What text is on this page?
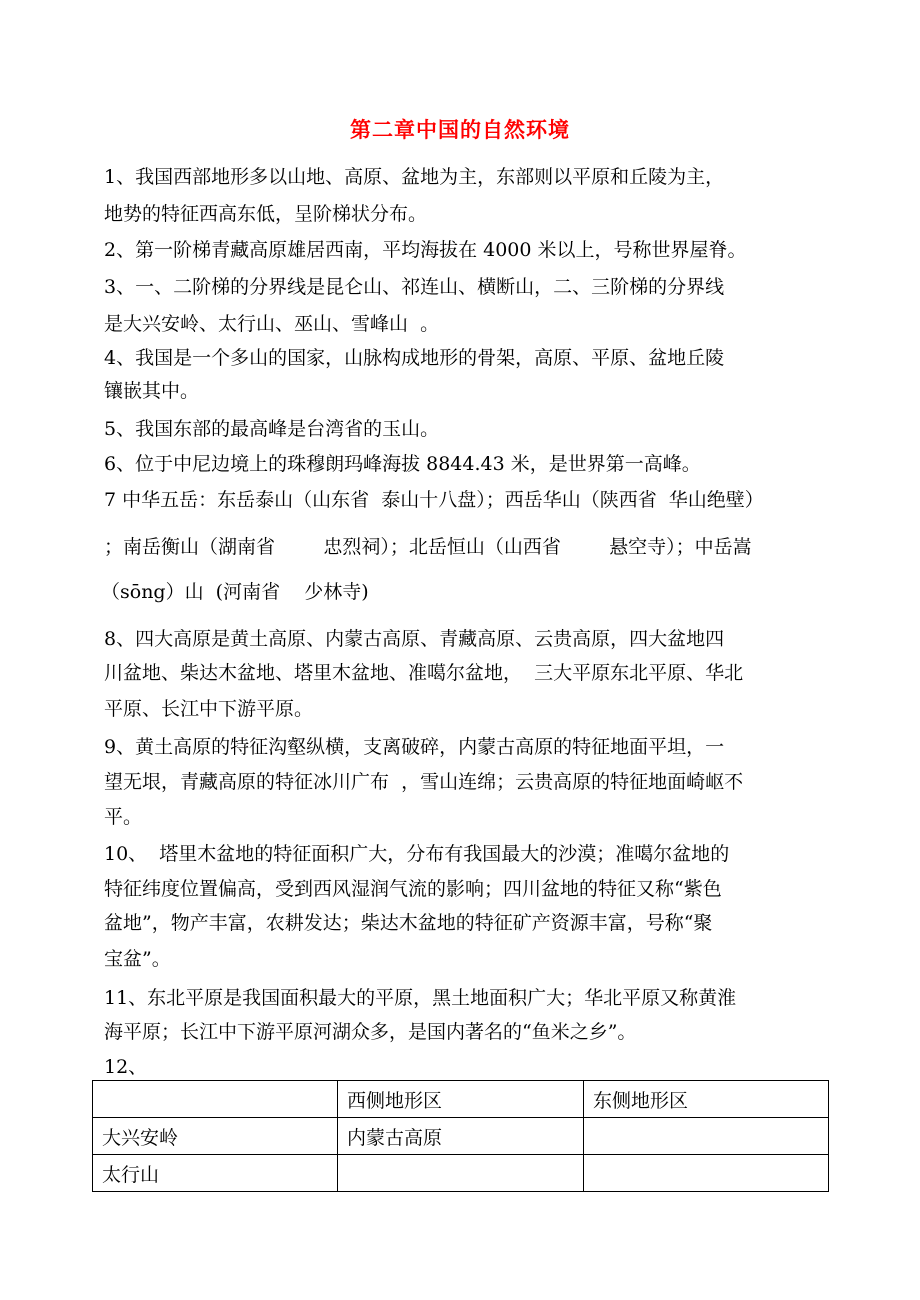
第二章中国的自然环境
1、我国西部地形多以山地、高原、盆地为主，东部则以平原和丘陵为主，
地势的特征西高东低，呈阶梯状分布。
2、第一阶梯青藏高原雄居西南，平均海拔在 4000 米以上，号称世界屋脊。
3、一、二阶梯的分界线是昆仑山、祁连山、横断山，二、三阶梯的分界线
是大兴安岭、太行山、巫山、雪峰山  。
4、我国是一个多山的国家，山脉构成地形的骨架，高原、平原、盆地丘陵
镶嵌其中。
5、我国东部的最高峰是台湾省的玉山。
6、位于中尼边境上的珠穆朗玛峰海拔 8844.43 米，是世界第一高峰。
7 中华五岳：东岳泰山（山东省  泰山十八盘）；西岳华山（陕西省  华山绝壁）
；南岳衡山（湖南省        忠烈祠）；北岳恒山（山西省        悬空寺）；中岳嵩
（sōng）山  (河南省    少林寺)
8、四大高原是黄土高原、内蒙古高原、青藏高原、云贵高原，四大盆地四
川盆地、柴达木盆地、塔里木盆地、准噶尔盆地，  三大平原东北平原、华北
平原、长江中下游平原。
9、黄土高原的特征沟壑纵横，支离破碎，内蒙古高原的特征地面平坦，一
望无垠，青藏高原的特征冰川广布  ，雪山连绵；云贵高原的特征地面崎岖不
平。
10、  塔里木盆地的特征面积广大，分布有我国最大的沙漠；准噶尔盆地的
特征纬度位置偏高，受到西风湿润气流的影响；四川盆地的特征又称“紫色
盆地”，物产丰富，农耕发达；柴达木盆地的特征矿产资源丰富，号称“聚
宝盆”。
11、东北平原是我国面积最大的平原，黑土地面积广大；华北平原又称黄淮
海平原；长江中下游平原河湖众多，是国内著名的“鱼米之乡”。
12、
	西侧地形区	东侧地形区
大兴安岭	内蒙古高原	
太行山		
